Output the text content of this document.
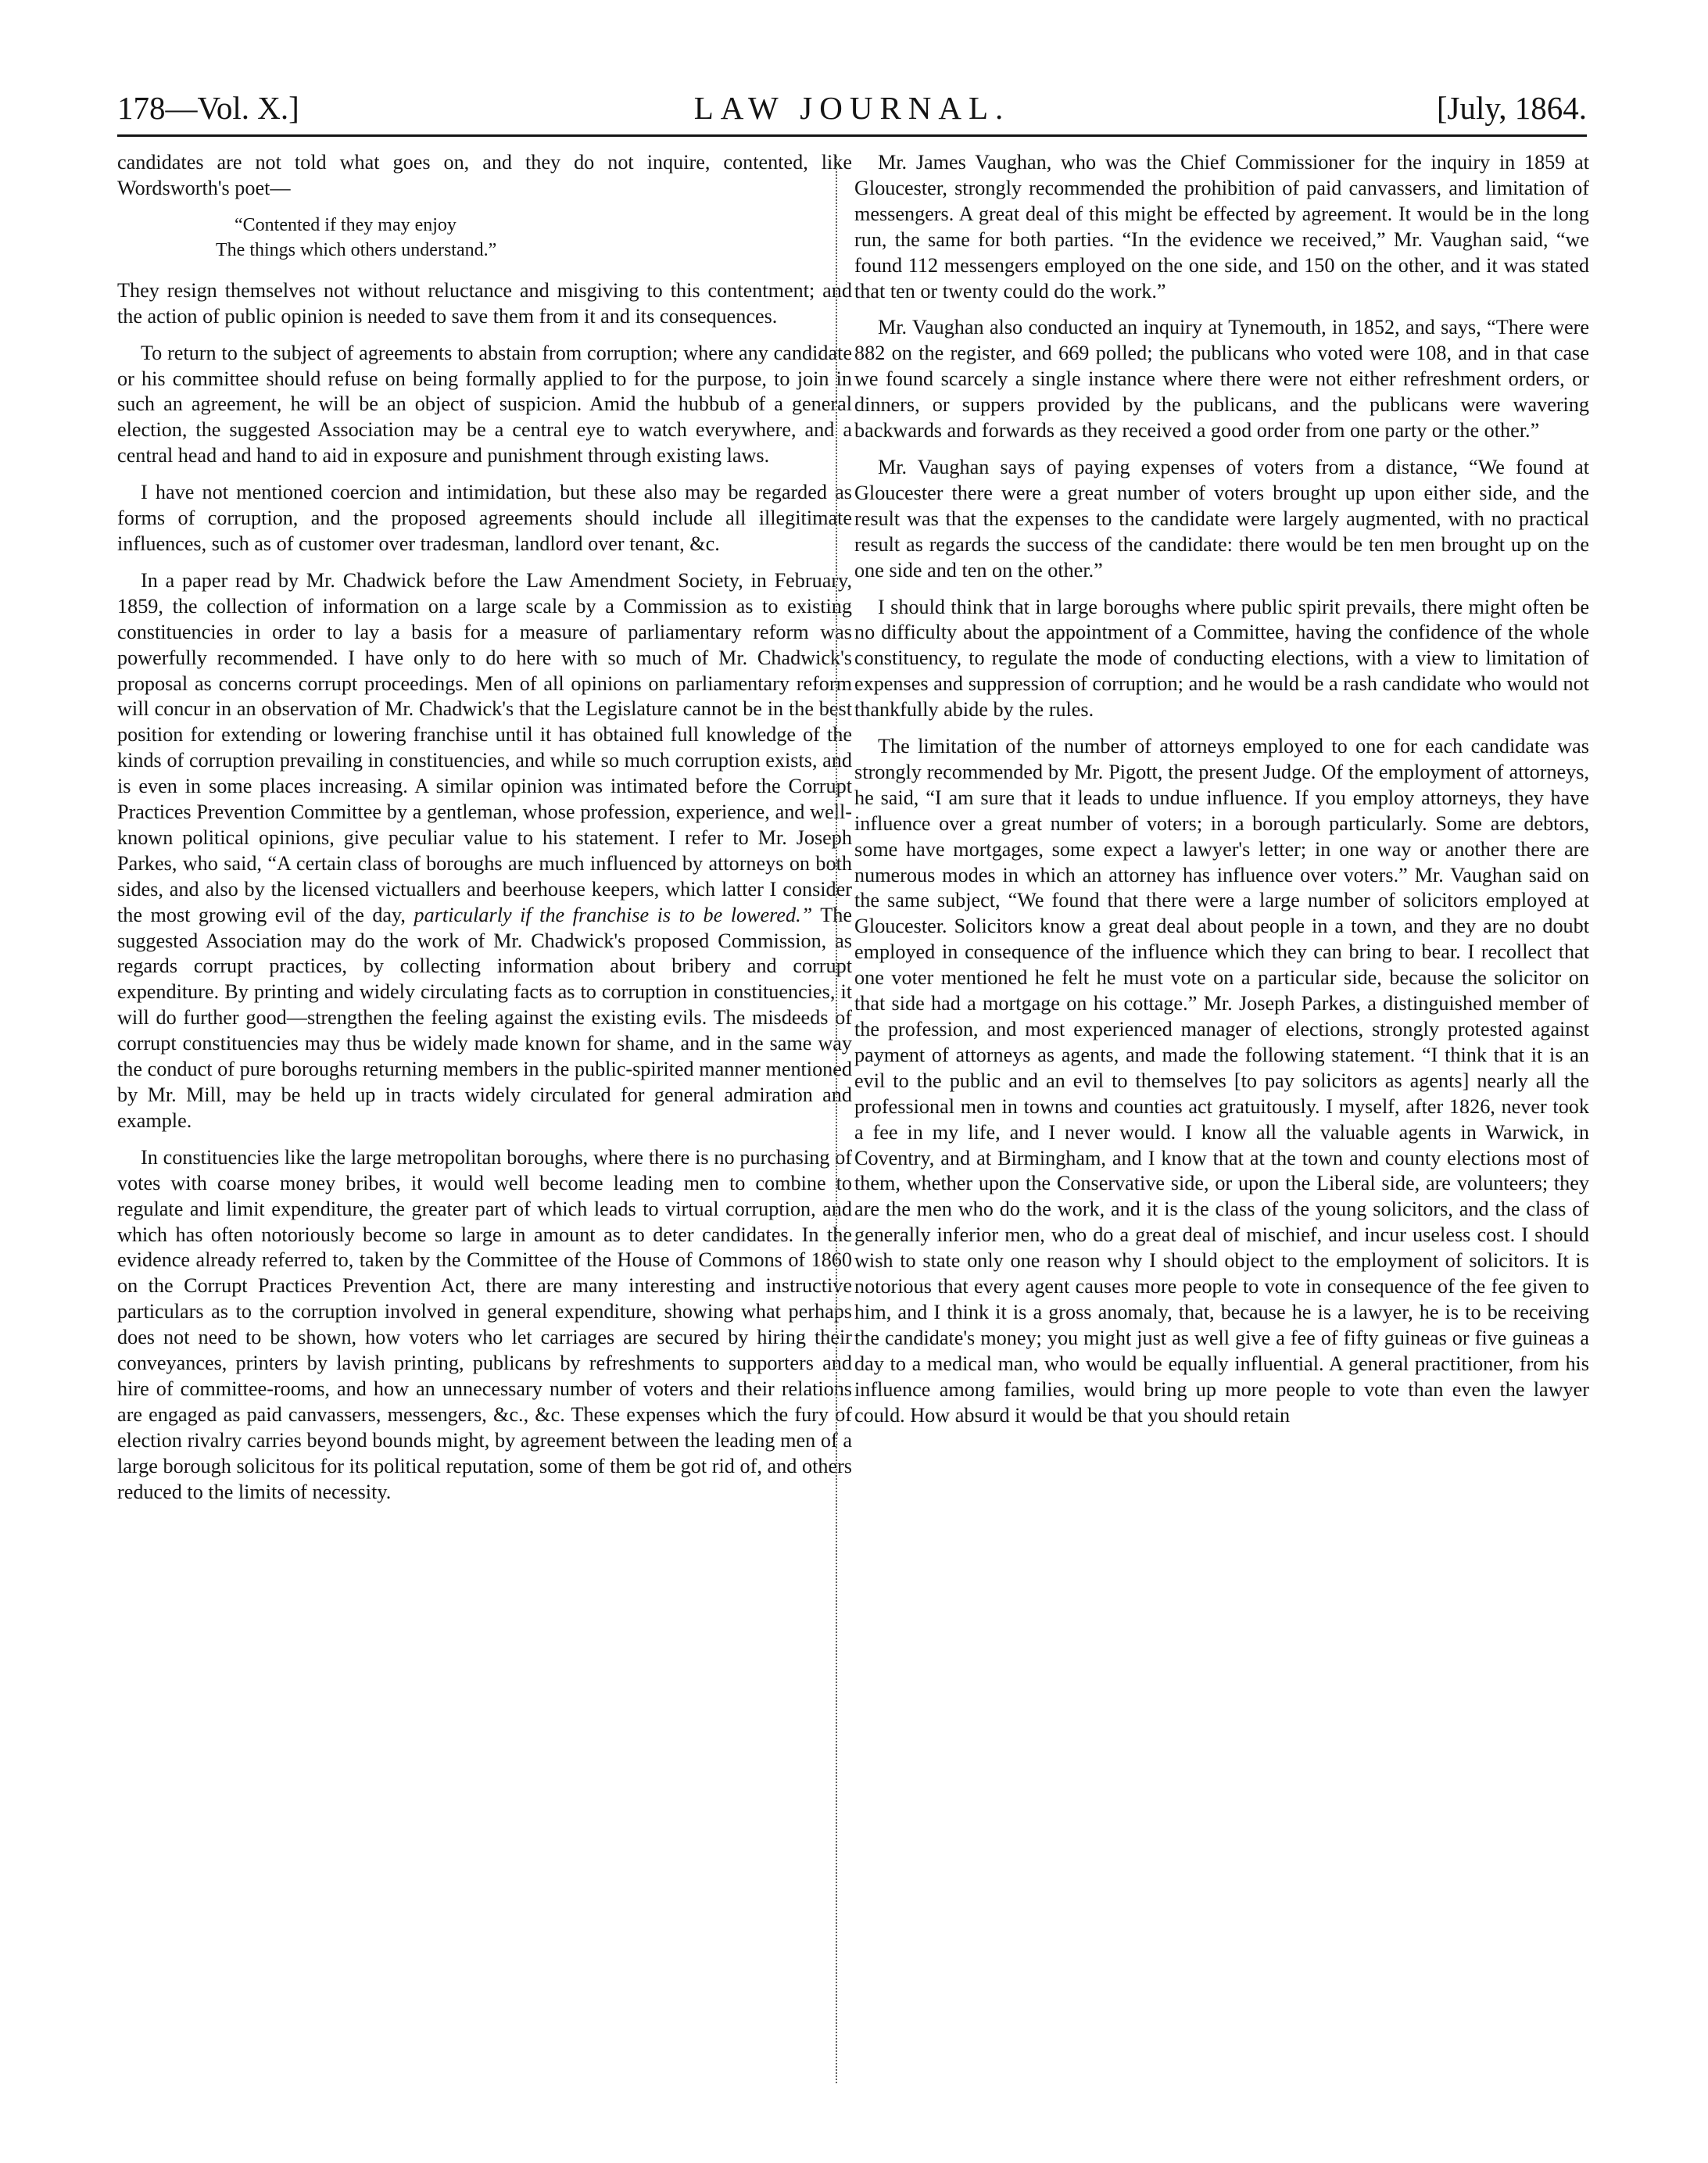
178—Vol. X.]	LAW JOURNAL.	[July, 1864.

candidates are not told what goes on, and they do not inquire, contented, like Wordsworth's poet—

“Contented if they may enjoy
The things which others understand.”

They resign themselves not without reluctance and misgiving to this contentment; and the action of public opinion is needed to save them from it and its consequences.

To return to the subject of agreements to abstain from corruption; where any candidate or his committee should refuse on being formally applied to for the purpose, to join in such an agreement, he will be an object of suspicion. Amid the hubbub of a general election, the suggested Association may be a central eye to watch everywhere, and a central head and hand to aid in exposure and punishment through existing laws.

I have not mentioned coercion and intimidation, but these also may be regarded as forms of corruption, and the proposed agreements should include all illegitimate influences, such as of customer over tradesman, landlord over tenant, &c.

In a paper read by Mr. Chadwick before the Law Amendment Society, in February, 1859, the collection of information on a large scale by a Commission as to existing constituencies in order to lay a basis for a measure of parliamentary reform was powerfully recommended. I have only to do here with so much of Mr. Chadwick's proposal as concerns corrupt proceedings. Men of all opinions on parliamentary reform will concur in an observation of Mr. Chadwick's that the Legislature cannot be in the best position for extending or lowering franchise until it has obtained full knowledge of the kinds of corruption prevailing in constituencies, and while so much corruption exists, and is even in some places increasing. A similar opinion was intimated before the Corrupt Practices Prevention Committee by a gentleman, whose profession, experience, and well-known political opinions, give peculiar value to his statement. I refer to Mr. Joseph Parkes, who said, “A certain class of boroughs are much influenced by attorneys on both sides, and also by the licensed victuallers and beerhouse keepers, which latter I consider the most growing evil of the day, particularly if the franchise is to be lowered.” The suggested Association may do the work of Mr. Chadwick's proposed Commission, as regards corrupt practices, by collecting information about bribery and corrupt expenditure. By printing and widely circulating facts as to corruption in constituencies, it will do further good—strengthen the feeling against the existing evils. The misdeeds of corrupt constituencies may thus be widely made known for shame, and in the same way the conduct of pure boroughs returning members in the public-spirited manner mentioned by Mr. Mill, may be held up in tracts widely circulated for general admiration and example.

In constituencies like the large metropolitan boroughs, where there is no purchasing of votes with coarse money bribes, it would well become leading men to combine to regulate and limit expenditure, the greater part of which leads to virtual corruption, and which has often notoriously become so large in amount as to deter candidates. In the evidence already referred to, taken by the Committee of the House of Commons of 1860 on the Corrupt Practices Prevention Act, there are many interesting and instructive particulars as to the corruption involved in general expenditure, showing what perhaps does not need to be shown, how voters who let carriages are secured by hiring their conveyances, printers by lavish printing, publicans by refreshments to supporters and hire of committee-rooms, and how an unnecessary number of voters and their relations are engaged as paid canvassers, messengers, &c., &c. These expenses which the fury of election rivalry carries beyond bounds might, by agreement between the leading men of a large borough solicitous for its political reputation, some of them be got rid of, and others reduced to the limits of necessity.

Mr. James Vaughan, who was the Chief Commissioner for the inquiry in 1859 at Gloucester, strongly recommended the prohibition of paid canvassers, and limitation of messengers. A great deal of this might be effected by agreement. It would be in the long run, the same for both parties. “In the evidence we received,” Mr. Vaughan said, “we found 112 messengers employed on the one side, and 150 on the other, and it was stated that ten or twenty could do the work.”

Mr. Vaughan also conducted an inquiry at Tynemouth, in 1852, and says, “There were 882 on the register, and 669 polled; the publicans who voted were 108, and in that case we found scarcely a single instance where there were not either refreshment orders, or dinners, or suppers provided by the publicans, and the publicans were wavering backwards and forwards as they received a good order from one party or the other.”

Mr. Vaughan says of paying expenses of voters from a distance, “We found at Gloucester there were a great number of voters brought up upon either side, and the result was that the expenses to the candidate were largely augmented, with no practical result as regards the success of the candidate: there would be ten men brought up on the one side and ten on the other.”

I should think that in large boroughs where public spirit prevails, there might often be no difficulty about the appointment of a Committee, having the confidence of the whole constituency, to regulate the mode of conducting elections, with a view to limitation of expenses and suppression of corruption; and he would be a rash candidate who would not thankfully abide by the rules.

The limitation of the number of attorneys employed to one for each candidate was strongly recommended by Mr. Pigott, the present Judge. Of the employment of attorneys, he said, “I am sure that it leads to undue influence. If you employ attorneys, they have influence over a great number of voters; in a borough particularly. Some are debtors, some have mortgages, some expect a lawyer's letter; in one way or another there are numerous modes in which an attorney has influence over voters.” Mr. Vaughan said on the same subject, “We found that there were a large number of solicitors employed at Gloucester. Solicitors know a great deal about people in a town, and they are no doubt employed in consequence of the influence which they can bring to bear. I recollect that one voter mentioned he felt he must vote on a particular side, because the solicitor on that side had a mortgage on his cottage.” Mr. Joseph Parkes, a distinguished member of the profession, and most experienced manager of elections, strongly protested against payment of attorneys as agents, and made the following statement. “I think that it is an evil to the public and an evil to themselves [to pay solicitors as agents] nearly all the professional men in towns and counties act gratuitously. I myself, after 1826, never took a fee in my life, and I never would. I know all the valuable agents in Warwick, in Coventry, and at Birmingham, and I know that at the town and county elections most of them, whether upon the Conservative side, or upon the Liberal side, are volunteers; they are the men who do the work, and it is the class of the young solicitors, and the class of generally inferior men, who do a great deal of mischief, and incur useless cost. I should wish to state only one reason why I should object to the employment of solicitors. It is notorious that every agent causes more people to vote in consequence of the fee given to him, and I think it is a gross anomaly, that, because he is a lawyer, he is to be receiving the candidate's money; you might just as well give a fee of fifty guineas or five guineas a day to a medical man, who would be equally influential. A general practitioner, from his influence among families, would bring up more people to vote than even the lawyer could. How absurd it would be that you should retain
